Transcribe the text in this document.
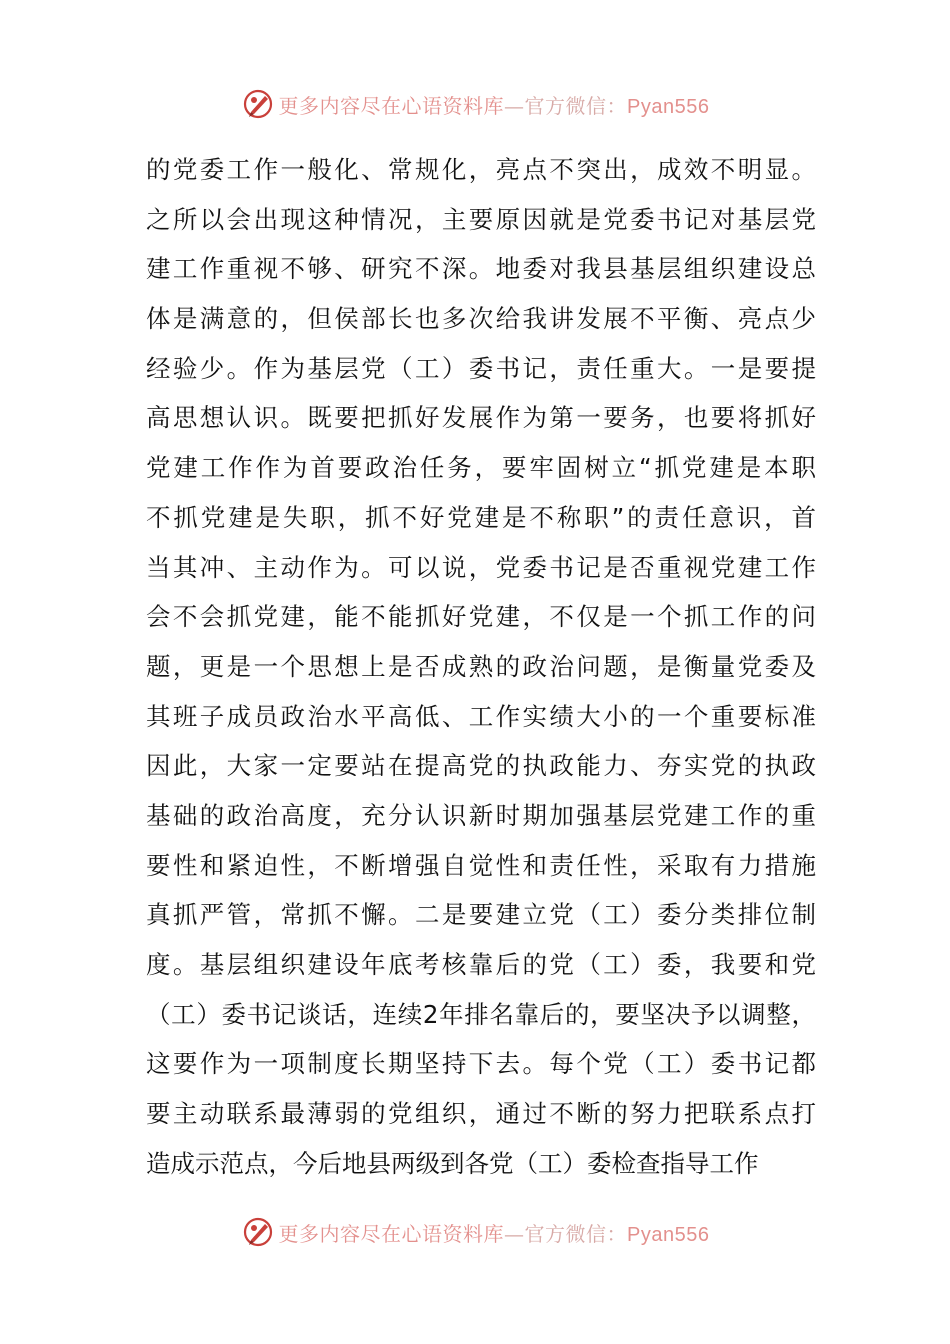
更多内容尽在心语资料库—官方微信：Pyan556
的党委工作一般化、常规化，亮点不突出，成效不明显。
之所以会出现这种情况，主要原因就是党委书记对基层党
建工作重视不够、研究不深。地委对我县基层组织建设总
体是满意的，但侯部长也多次给我讲发展不平衡、亮点少
经验少。作为基层党（工）委书记，责任重大。一是要提
高思想认识。既要把抓好发展作为第一要务，也要将抓好
党建工作作为首要政治任务，要牢固树立“抓党建是本职
不抓党建是失职，抓不好党建是不称职”的责任意识，首
当其冲、主动作为。可以说，党委书记是否重视党建工作
会不会抓党建，能不能抓好党建，不仅是一个抓工作的问
题，更是一个思想上是否成熟的政治问题，是衡量党委及
其班子成员政治水平高低、工作实绩大小的一个重要标准
因此，大家一定要站在提高党的执政能力、夯实党的执政
基础的政治高度，充分认识新时期加强基层党建工作的重
要性和紧迫性，不断增强自觉性和责任性，采取有力措施
真抓严管，常抓不懈。二是要建立党（工）委分类排位制
度。基层组织建设年底考核靠后的党（工）委，我要和党
（工）委书记谈话，连续2年排名靠后的，要坚决予以调整，
这要作为一项制度长期坚持下去。每个党（工）委书记都
要主动联系最薄弱的党组织，通过不断的努力把联系点打
造成示范点，今后地县两级到各党（工）委检查指导工作
更多内容尽在心语资料库—官方微信：Pyan556
